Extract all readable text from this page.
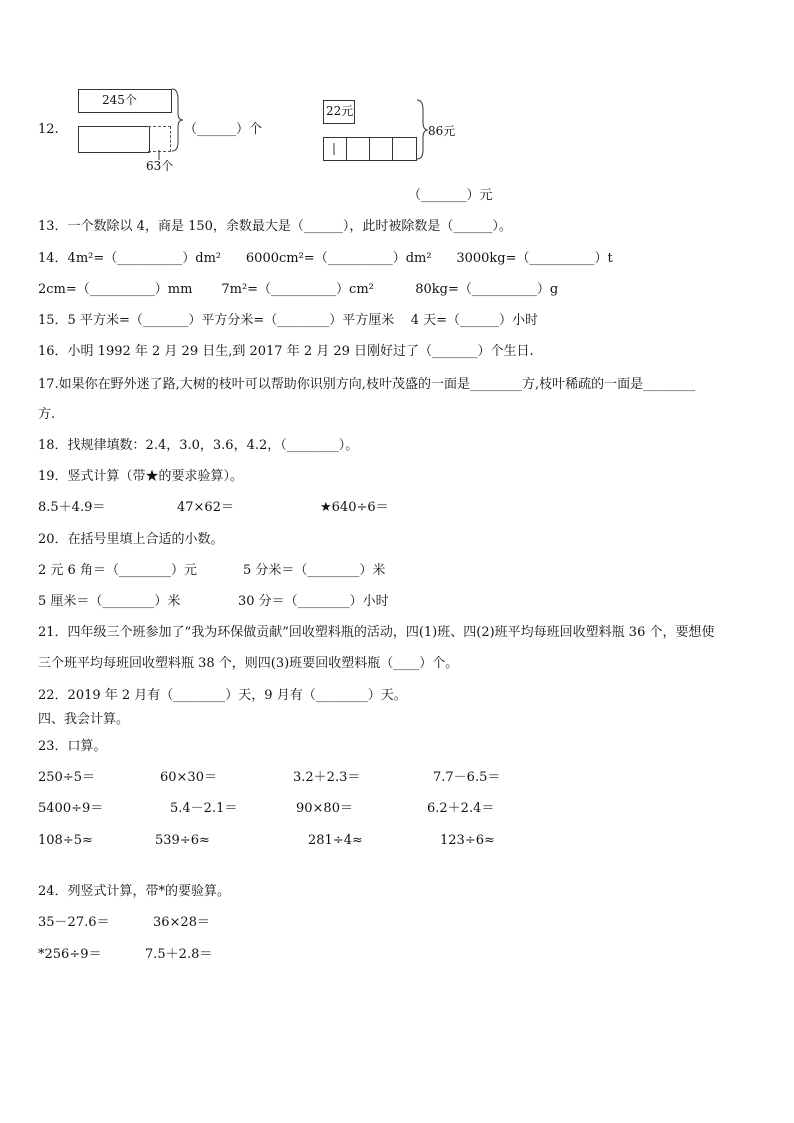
12.
245个
63个
（______）个
22元
86元
（_______）元
13．一个数除以 4，商是 150，余数最大是（______），此时被除数是（______）。
14．4m²=（__________）dm²      6000cm²=（__________）dm²      3000kg=（__________）t
2cm=（__________）mm       7m²=（__________）cm²          80kg=（__________）g
15．5 平方米=（_______）平方分米=（________）平方厘米    4 天=（______）小时
16．小明 1992 年 2 月 29 日生,到 2017 年 2 月 29 日刚好过了（_______）个生日.
17.如果你在野外迷了路,大树的枝叶可以帮助你识别方向,枝叶茂盛的一面是________方,枝叶稀疏的一面是________
方.
18．找规律填数：2.4，3.0，3.6，4.2，（________）。
19．竖式计算（带★的要求验算）。
8.5＋4.9＝	47×62＝	★640÷6＝
20．在括号里填上合适的小数。
2 元 6 角＝（________）元	5 分米＝（________）米
5 厘米＝（________）米	30 分＝（________）小时
21．四年级三个班参加了“我为环保做贡献”回收塑料瓶的活动，四(1)班、四(2)班平均每班回收塑料瓶 36 个，要想使
三个班平均每班回收塑料瓶 38 个，则四(3)班要回收塑料瓶（____）个。
22．2019 年 2 月有（________）天，9 月有（________）天。
四、我会计算。
23．口算。
250÷5＝	60×30＝	3.2＋2.3＝	7.7－6.5＝
5400÷9＝	5.4－2.1＝	90×80＝	6.2＋2.4＝
108÷5≈	539÷6≈	281÷4≈	123÷6≈
24．列竖式计算，带*的要验算。
35－27.6＝	36×28＝
*256÷9＝	7.5＋2.8＝
